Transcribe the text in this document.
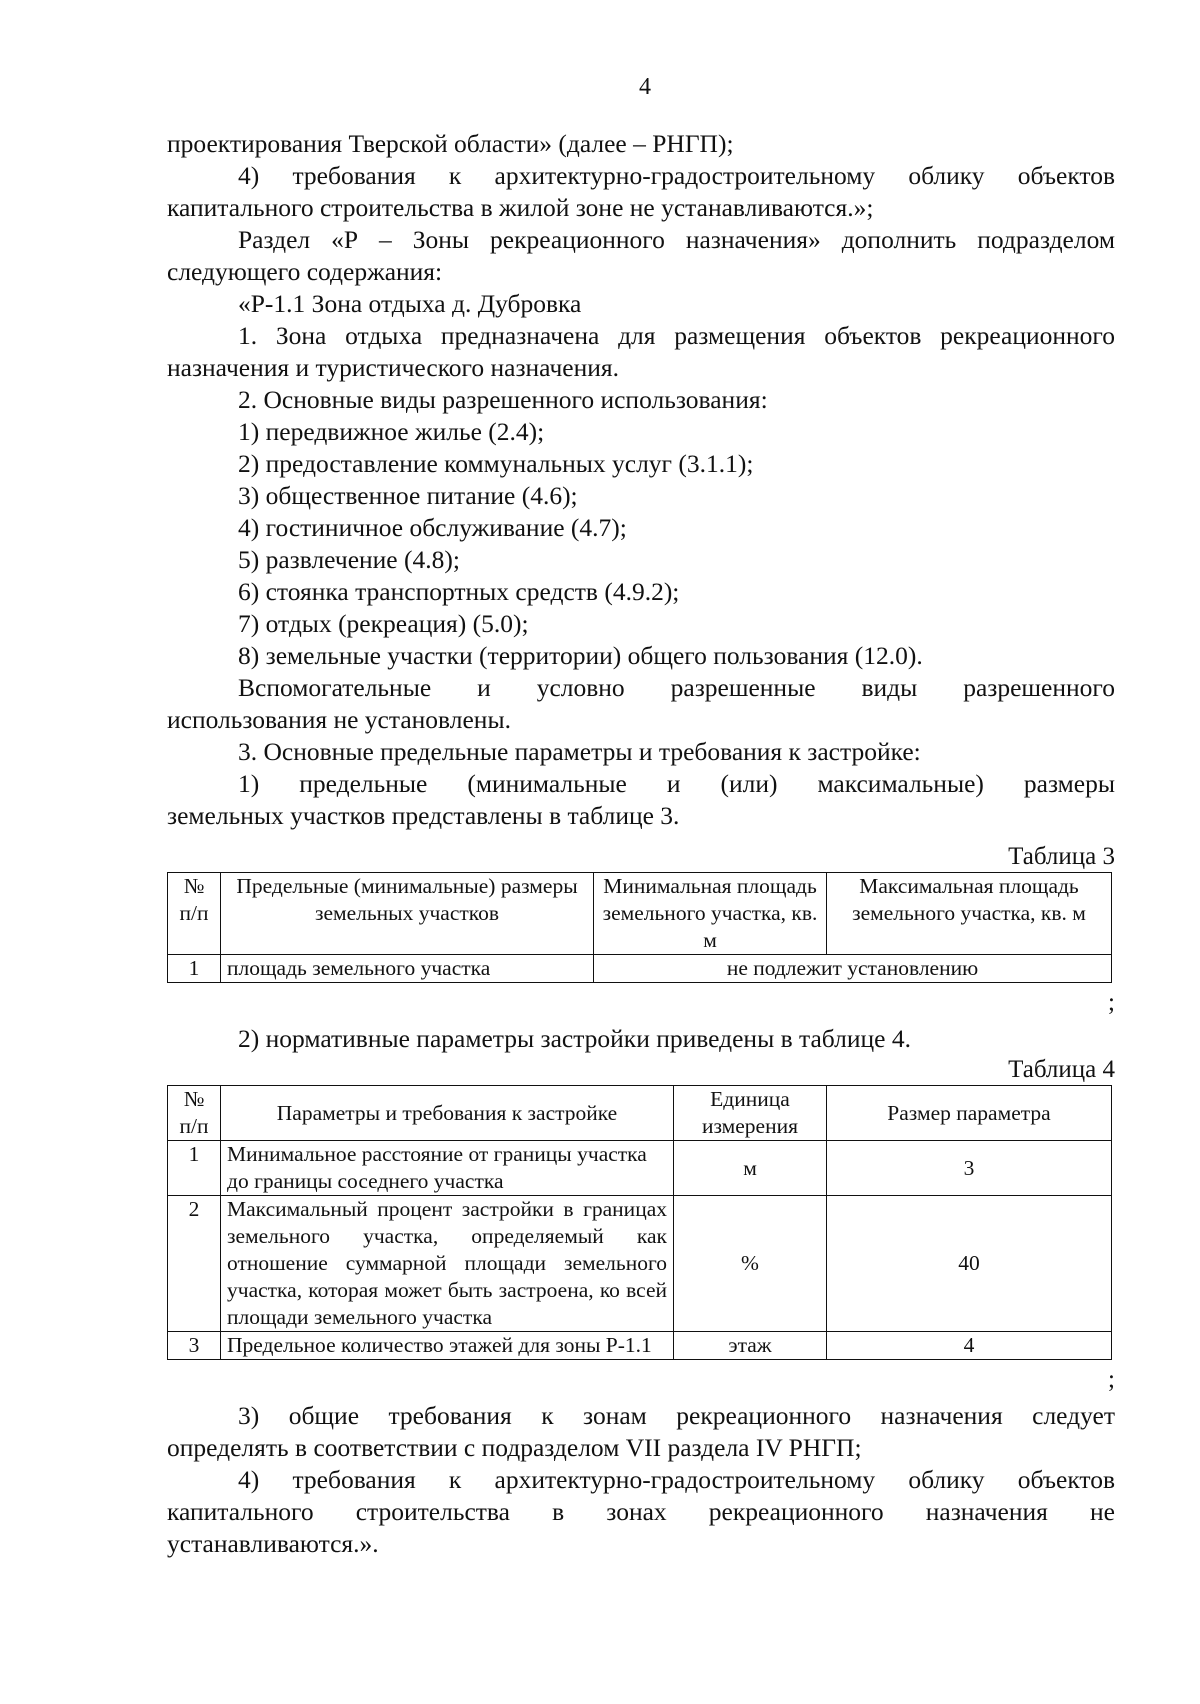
4

проектирования Тверской области» (далее – РНГП);

4) требования к архитектурно-градостроительному облику объектов

капитального строительства в жилой зоне не устанавливаются.»;

Раздел «Р – Зоны рекреационного назначения» дополнить подразделом

следующего содержания:

«Р-1.1 Зона отдыха д. Дубровка

1. Зона отдыха предназначена для размещения объектов рекреационного

назначения и туристического назначения.

2. Основные виды разрешенного использования:

1) передвижное жилье (2.4);

2) предоставление коммунальных услуг (3.1.1);

3) общественное питание (4.6);

4) гостиничное обслуживание (4.7);

5) развлечение (4.8);

6) стоянка транспортных средств (4.9.2);

7) отдых (рекреация) (5.0);

8) земельные участки (территории) общего пользования (12.0).

Вспомогательные и условно разрешенные виды разрешенного

использования не установлены.

3. Основные предельные параметры и требования к застройке:

1) предельные (минимальные и (или) максимальные) размеры

земельных участков представлены в таблице 3.

Таблица 3
№ п/п	Предельные (минимальные) размеры земельных участков	Минимальная площадь земельного участка, кв. м	Максимальная площадь земельного участка, кв. м
1	площадь земельного участка	не подлежит установлению	
;

2) нормативные параметры застройки приведены в таблице 4.

Таблица 4
№ п/п	Параметры и требования к застройке	Единица измерения	Размер параметра
1	Минимальное расстояние от границы участка до границы соседнего участка	м	3
2	Максимальный процент застройки в границах земельного участка, определяемый как отношение суммарной площади земельного участка, которая может быть застроена, ко всей площади земельного участка	%	40
3	Предельное количество этажей для зоны Р-1.1	этаж	4
;

3) общие требования к зонам рекреационного назначения следует

определять в соответствии с подразделом VII раздела IV РНГП;

4) требования к архитектурно-градостроительному облику объектов

капитального строительства в зонах рекреационного назначения не

устанавливаются.».
